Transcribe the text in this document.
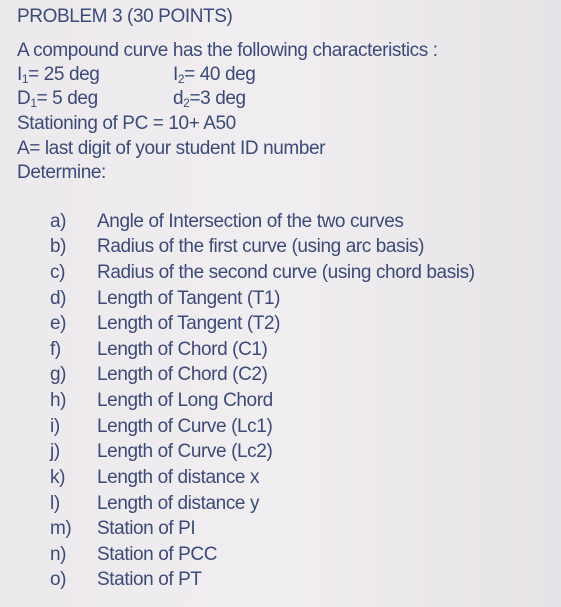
PROBLEM 3 (30 POINTS)
A compound curve has the following characteristics :
$I_1= 25$ deg	$I_2= 40$ deg
$D_1= 5$ deg	$d_2=3$ deg
Stationing of PC = 10+ A50
A= last digit of your student ID number
Determine:
a)	Angle of Intersection of the two curves
b)	Radius of the first curve (using arc basis)
c)	Radius of the second curve (using chord basis)
d)	Length of Tangent (T1)
e)	Length of Tangent (T2)
f)	Length of Chord (C1)
g)	Length of Chord (C2)
h)	Length of Long Chord
i)	Length of Curve (Lc1)
j)	Length of Curve (Lc2)
k)	Length of distance x
l)	Length of distance y
m)	Station of PI
n)	Station of PCC
o)	Station of PT
